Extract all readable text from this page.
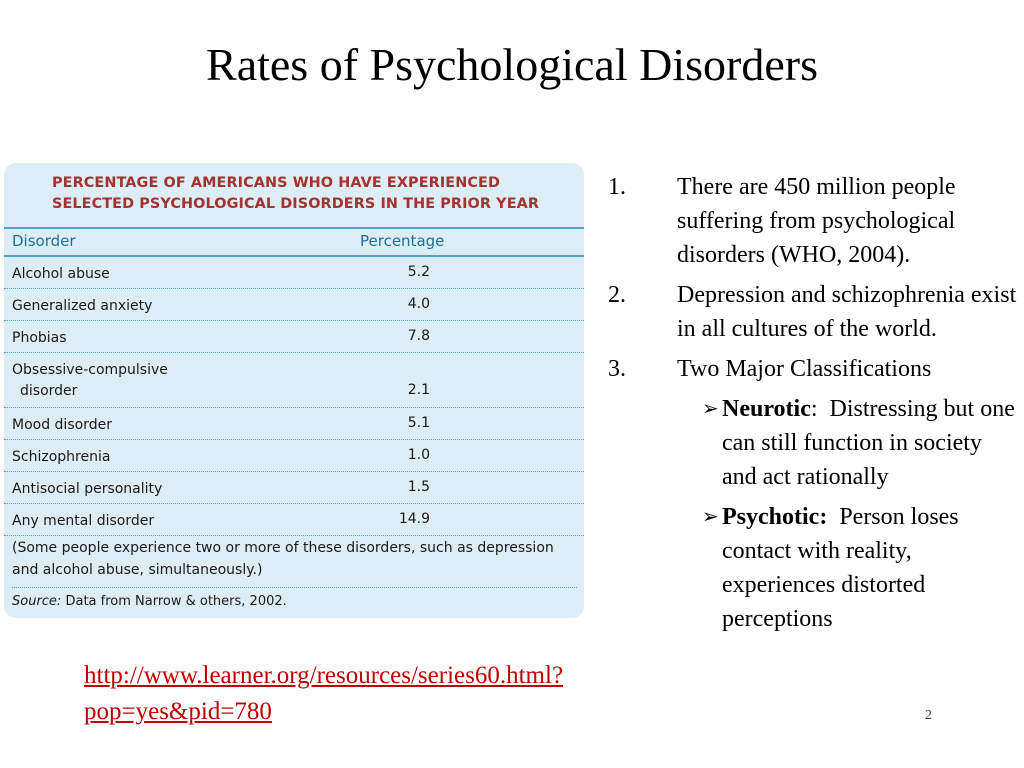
Rates of Psychological Disorders
PERCENTAGE OF AMERICANS WHO HAVE EXPERIENCED
SELECTED PSYCHOLOGICAL DISORDERS IN THE PRIOR YEAR
Disorder	Percentage
Alcohol abuse	5.2
Generalized anxiety	4.0
Phobias	7.8
Obsessive-compulsive
disorder	2.1
Mood disorder	5.1
Schizophrenia	1.0
Antisocial personality	1.5
Any mental disorder	14.9
(Some people experience two or more of these disorders, such as depression and alcohol abuse, simultaneously.)
Source: Data from Narrow & others, 2002.
http://www.learner.org/resources/series60.html?pop=yes&pid=780
1. There are 450 million people suffering from psychological disorders (WHO, 2004).
2. Depression and schizophrenia exist in all cultures of the world.
3. Two Major Classifications
➢ Neurotic: Distressing but one can still function in society and act rationally
➢ Psychotic: Person loses contact with reality, experiences distorted perceptions
2
